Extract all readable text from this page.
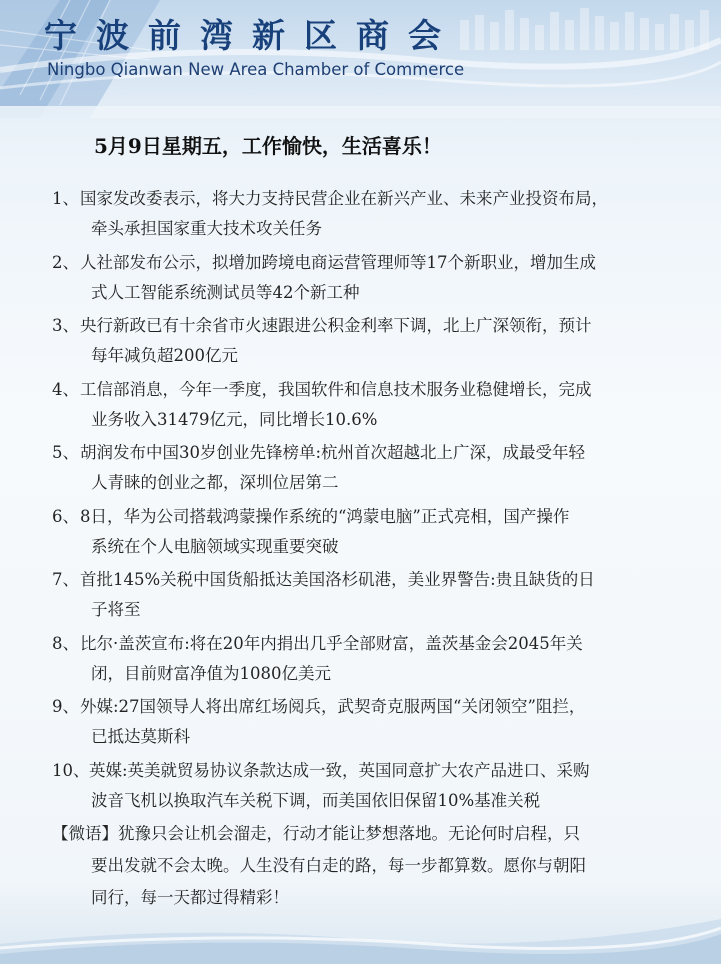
宁波前湾新区商会
Ningbo Qianwan New Area Chamber of Commerce
5月9日星期五，工作愉快，生活喜乐！
1、 国家发改委表示，将大力支持民营企业在新兴产业、未来产业投资布局，
牵头承担国家重大技术攻关任务
2、 人社部发布公示，拟增加跨境电商运营管理师等17个新职业，增加生成
式人工智能系统测试员等42个新工种
3、 央行新政已有十余省市火速跟进公积金利率下调，北上广深领衔，预计
每年减负超200亿元
4、 工信部消息，今年一季度，我国软件和信息技术服务业稳健增长，完成
业务收入31479亿元，同比增长10.6%
5、 胡润发布中国30岁创业先锋榜单:杭州首次超越北上广深，成最受年轻
人青睐的创业之都，深圳位居第二
6、 8日，华为公司搭载鸿蒙操作系统的“鸿蒙电脑”正式亮相，国产操作
系统在个人电脑领域实现重要突破
7、 首批145%关税中国货船抵达美国洛杉矶港，美业界警告:贵且缺货的日
子将至
8、 比尔·盖茨宣布:将在20年内捐出几乎全部财富，盖茨基金会2045年关
闭，目前财富净值为1080亿美元
9、 外媒:27国领导人将出席红场阅兵，武契奇克服两国“关闭领空”阻拦，
已抵达莫斯科
10、 英媒:英美就贸易协议条款达成一致，英国同意扩大农产品进口、采购
波音飞机以换取汽车关税下调，而美国依旧保留10%基准关税
【微语】犹豫只会让机会溜走，行动才能让梦想落地。无论何时启程，只
要出发就不会太晚。人生没有白走的路，每一步都算数。愿你与朝阳
同行，每一天都过得精彩！
